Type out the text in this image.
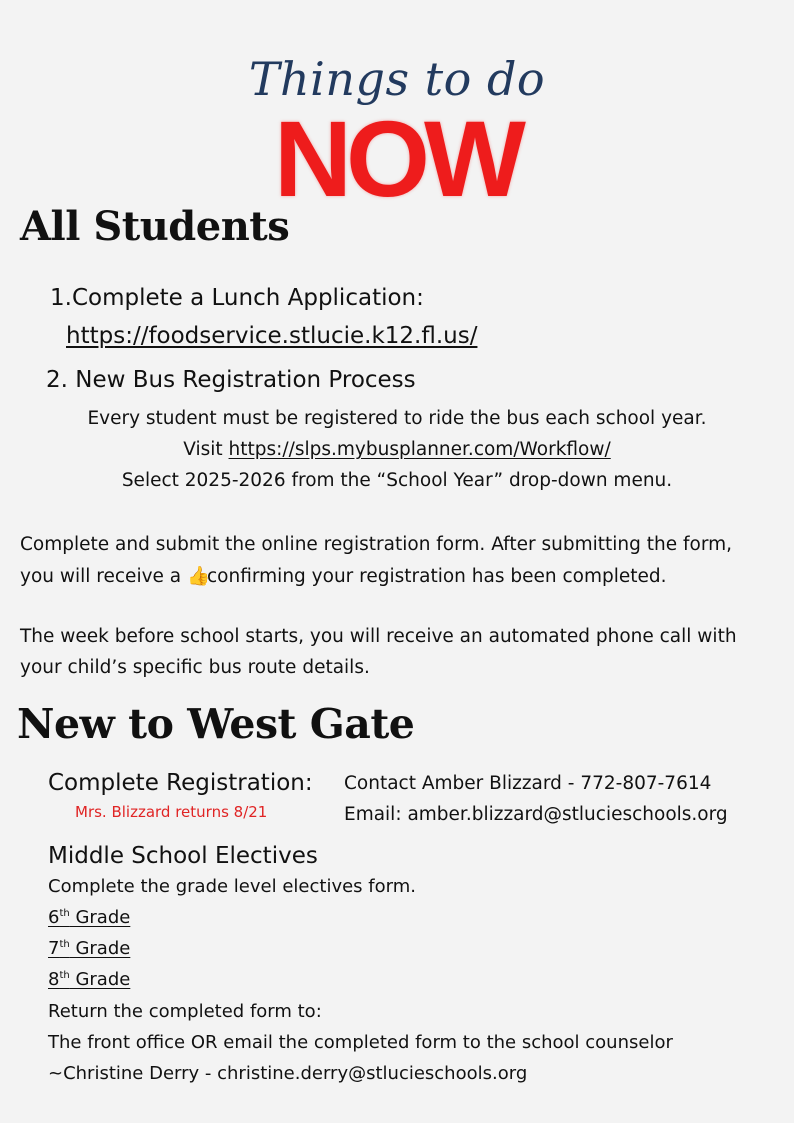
Things to do
NOW
All Students
1.Complete a Lunch Application:
https://foodservice.stlucie.k12.fl.us/
2. New Bus Registration Process
Every student must be registered to ride the bus each school year.
Visit https://slps.mybusplanner.com/Workflow/
Select 2025-2026 from the “School Year” drop-down menu.
Complete and submit the online registration form. After submitting the form,
you will receive a 👍confirming your registration has been completed.
The week before school starts, you will receive an automated phone call with
your child’s specific bus route details.
New to West Gate
Complete Registration:
Mrs. Blizzard returns 8/21
Contact Amber Blizzard - 772-807-7614
Email: amber.blizzard@stlucieschools.org
Middle School Electives
Complete the grade level electives form.
6th Grade
7th Grade
8th Grade
Return the completed form to:
The front office OR email the completed form to the school counselor
~Christine Derry - christine.derry@stlucieschools.org
